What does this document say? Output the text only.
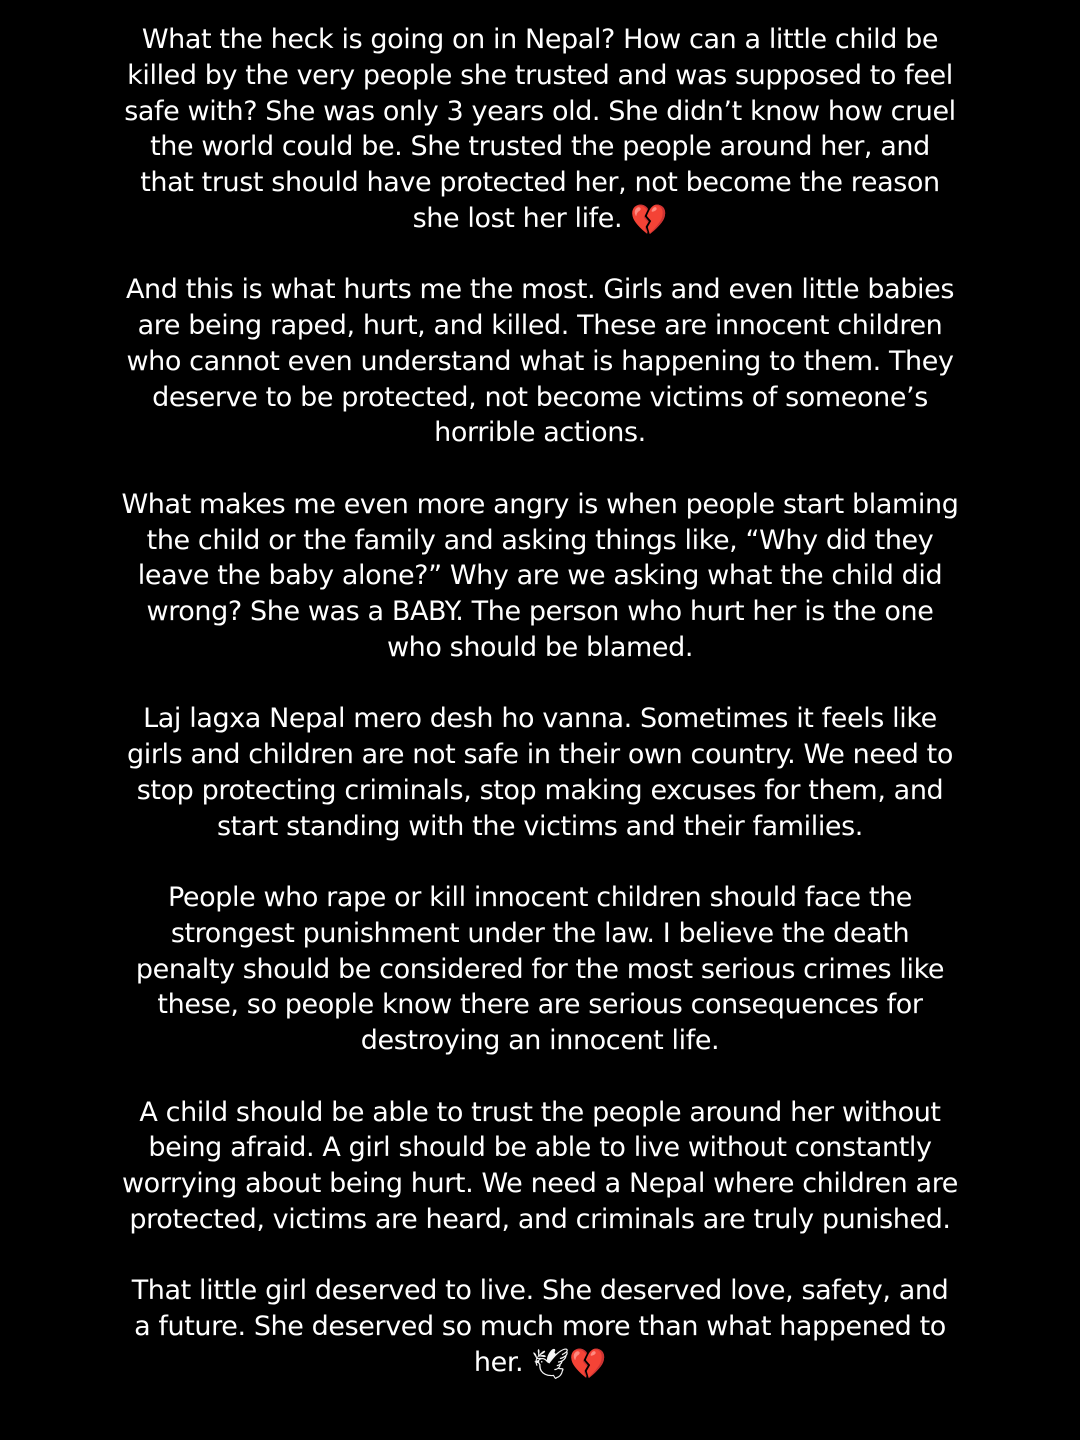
What the heck is going on in Nepal? How can a little child be killed by the very people she trusted and was supposed to feel safe with? She was only 3 years old. She didn’t know how cruel the world could be. She trusted the people around her, and that trust should have protected her, not become the reason she lost her life. 💔

And this is what hurts me the most. Girls and even little babies are being raped, hurt, and killed. These are innocent children who cannot even understand what is happening to them. They deserve to be protected, not become victims of someone’s horrible actions.

What makes me even more angry is when people start blaming the child or the family and asking things like, “Why did they leave the baby alone?” Why are we asking what the child did wrong? She was a BABY. The person who hurt her is the one who should be blamed.

Laj lagxa Nepal mero desh ho vanna. Sometimes it feels like girls and children are not safe in their own country. We need to stop protecting criminals, stop making excuses for them, and start standing with the victims and their families.

People who rape or kill innocent children should face the strongest punishment under the law. I believe the death penalty should be considered for the most serious crimes like these, so people know there are serious consequences for destroying an innocent life.

A child should be able to trust the people around her without being afraid. A girl should be able to live without constantly worrying about being hurt. We need a Nepal where children are protected, victims are heard, and criminals are truly punished.

That little girl deserved to live. She deserved love, safety, and a future. She deserved so much more than what happened to her. 🕊💔
